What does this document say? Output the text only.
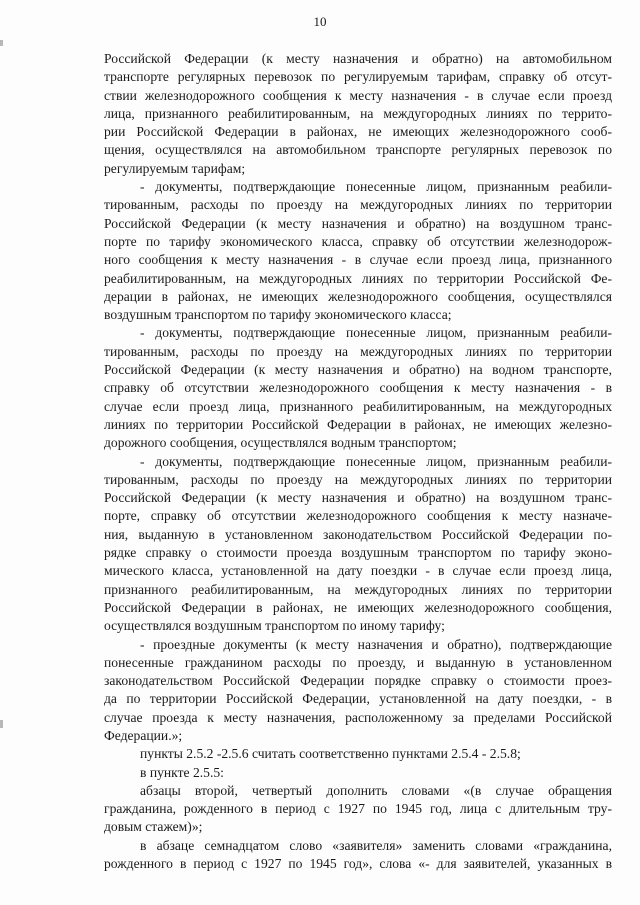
10
Российской Федерации (к месту назначения и обратно) на автомобильном
транспорте регулярных перевозок по регулируемым тарифам, справку об отсут-
ствии железнодорожного сообщения к месту назначения - в случае если проезд
лица, признанного реабилитированным, на междугородных линиях по террито-
рии Российской Федерации в районах, не имеющих железнодорожного сооб-
щения, осуществлялся на автомобильном транспорте регулярных перевозок по
регулируемым тарифам;
- документы, подтверждающие понесенные лицом, признанным реабили-
тированным, расходы по проезду на междугородных линиях по территории
Российской Федерации (к месту назначения и обратно) на воздушном транс-
порте по тарифу экономического класса, справку об отсутствии железнодорож-
ного сообщения к месту назначения - в случае если проезд лица, признанного
реабилитированным, на междугородных линиях по территории Российской Фе-
дерации в районах, не имеющих железнодорожного сообщения, осуществлялся
воздушным транспортом по тарифу экономического класса;
- документы, подтверждающие понесенные лицом, признанным реабили-
тированным, расходы по проезду на междугородных линиях по территории
Российской Федерации (к месту назначения и обратно) на водном транспорте,
справку об отсутствии железнодорожного сообщения к месту назначения - в
случае если проезд лица, признанного реабилитированным, на междугородных
линиях по территории Российской Федерации в районах, не имеющих железно-
дорожного сообщения, осуществлялся водным транспортом;
- документы, подтверждающие понесенные лицом, признанным реабили-
тированным, расходы по проезду на междугородных линиях по территории
Российской Федерации (к месту назначения и обратно) на воздушном транс-
порте, справку об отсутствии железнодорожного сообщения к месту назначе-
ния, выданную в установленном законодательством Российской Федерации по-
рядке справку о стоимости проезда воздушным транспортом по тарифу эконо-
мического класса, установленной на дату поездки - в случае если проезд лица,
признанного реабилитированным, на междугородных линиях по территории
Российской Федерации в районах, не имеющих железнодорожного сообщения,
осуществлялся воздушным транспортом по иному тарифу;
- проездные документы (к месту назначения и обратно), подтверждающие
понесенные гражданином расходы по проезду, и выданную в установленном
законодательством Российской Федерации порядке справку о стоимости проез-
да по территории Российской Федерации, установленной на дату поездки, - в
случае проезда к месту назначения, расположенному за пределами Российской
Федерации.»;
пункты 2.5.2 -2.5.6 считать соответственно пунктами 2.5.4 - 2.5.8;
в пункте 2.5.5:
абзацы второй, четвертый дополнить словами «(в случае обращения
гражданина, рожденного в период с 1927 по 1945 год, лица с длительным тру-
довым стажем)»;
в абзаце семнадцатом слово «заявителя» заменить словами «гражданина,
рожденного в период с 1927 по 1945 год», слова «- для заявителей, указанных в
